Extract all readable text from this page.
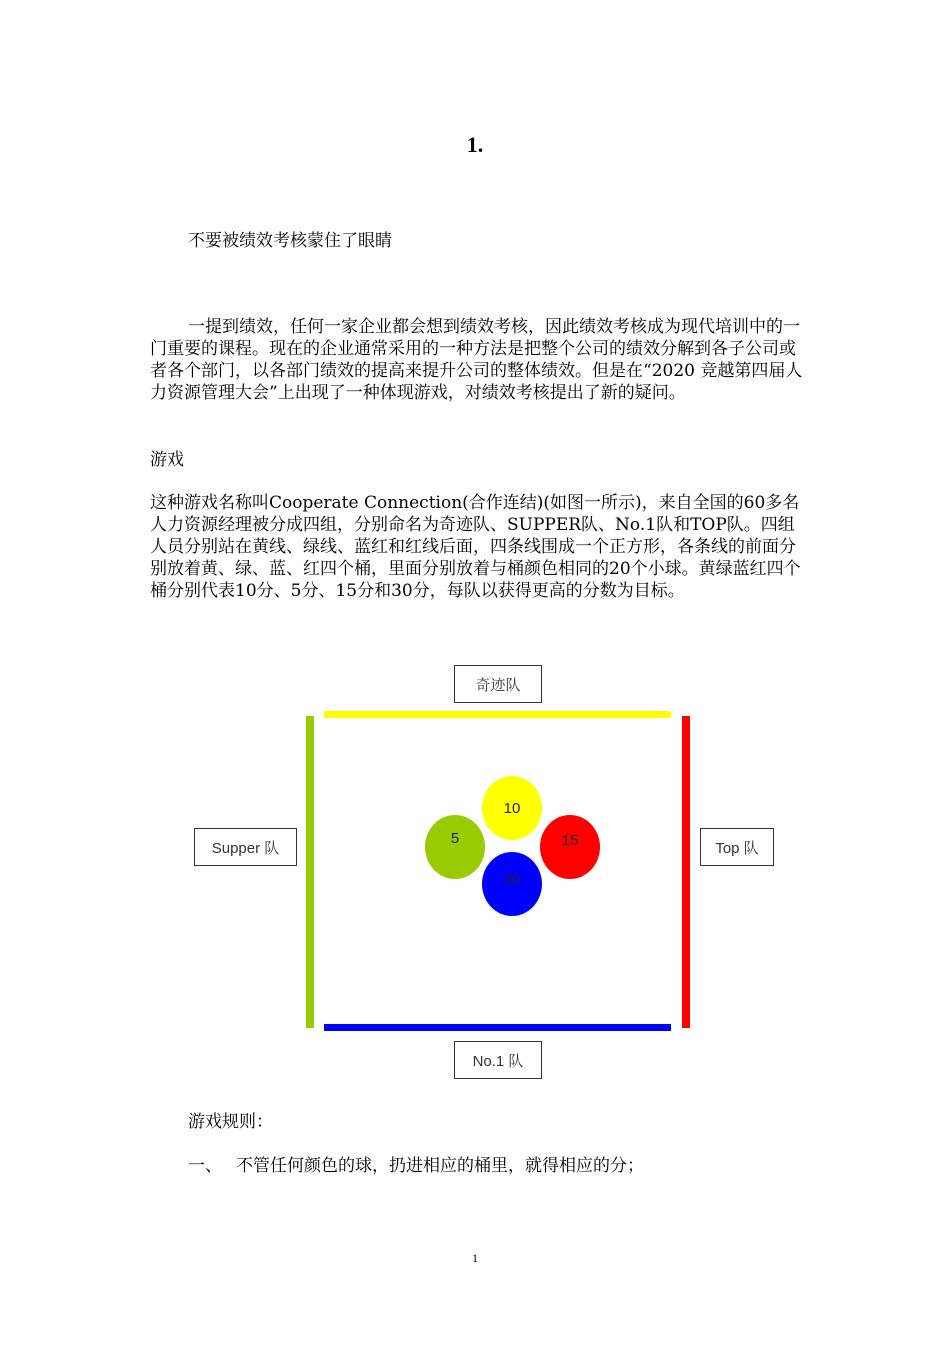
1.
不要被绩效考核蒙住了眼睛

一提到绩效，任何一家企业都会想到绩效考核，因此绩效考核成为现代培训中的一门重要的课程。现在的企业通常采用的一种方法是把整个公司的绩效分解到各子公司或者各个部门，以各部门绩效的提高来提升公司的整体绩效。但是在“2020 竞越第四届人力资源管理大会”上出现了一种体现游戏，对绩效考核提出了新的疑问。

游戏

这种游戏名称叫Cooperate Connection(合作连结)(如图一所示)，来自全国的60多名人力资源经理被分成四组，分别命名为奇迹队、SUPPER队、No.1队和TOP队。四组人员分别站在黄线、绿线、蓝红和红线后面，四条线围成一个正方形，各条线的前面分别放着黄、绿、蓝、红四个桶，里面分别放着与桶颜色相同的20个小球。黄绿蓝红四个桶分别代表10分、5分、15分和30分，每队以获得更高的分数为目标。

奇迹队
Supper 队	Top 队
No.1 队
10
5	15
30
游戏规则：
一、 不管任何颜色的球，扔进相应的桶里，就得相应的分；
1
